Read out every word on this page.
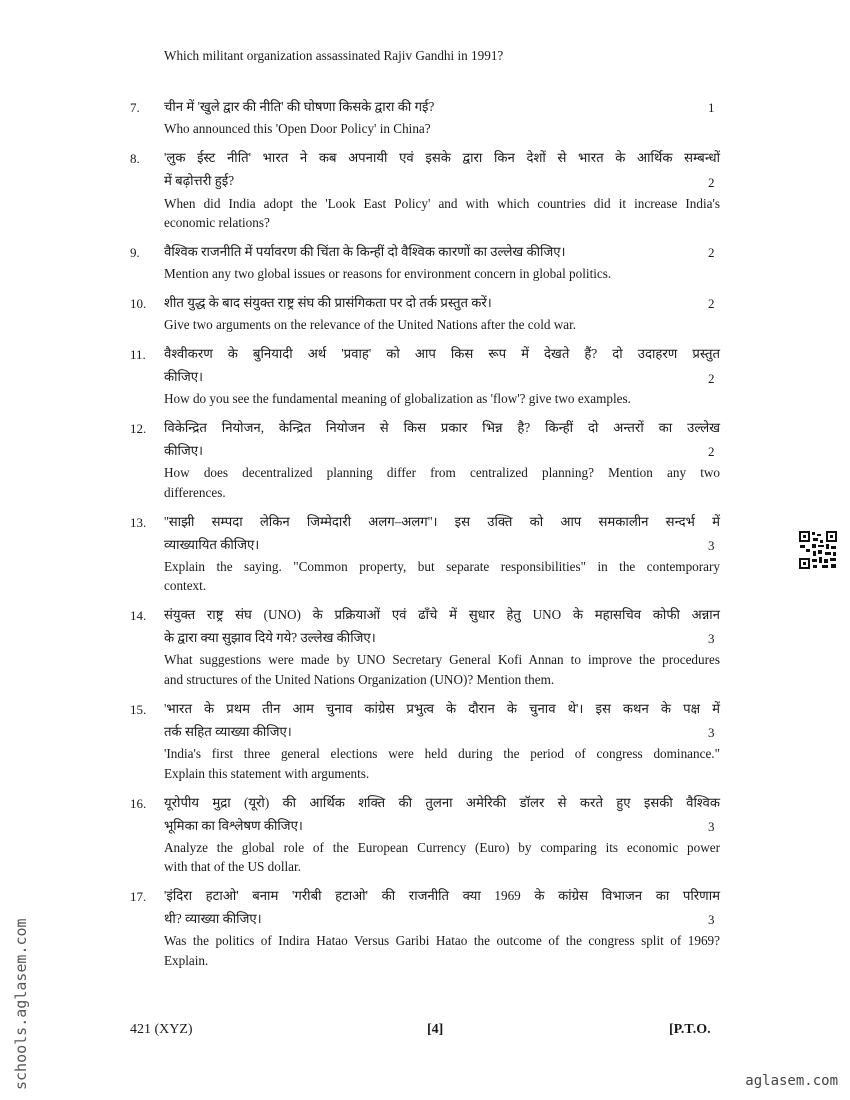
Which militant organization assassinated Rajiv Gandhi in 1991?
7. चीन में 'खुले द्वार की नीति' की घोषणा किसके द्वारा की गई?	1
Who announced this 'Open Door Policy' in China?
8. 'लुक ईस्ट नीति' भारत ने कब अपनायी एवं इसके द्वारा किन देशों से भारत के आर्थिक सम्बन्धों
में बढ़ोत्तरी हुई?	2
When did India adopt the 'Look East Policy' and with which countries did it increase India's
economic relations?
9. वैश्विक राजनीति में पर्यावरण की चिंता के किन्हीं दो वैश्विक कारणों का उल्लेख कीजिए।	2
Mention any two global issues or reasons for environment concern in global politics.
10. शीत युद्ध के बाद संयुक्त राष्ट्र संघ की प्रासंगिकता पर दो तर्क प्रस्तुत करें।	2
Give two arguments on the relevance of the United Nations after the cold war.
11. वैश्वीकरण के बुनियादी अर्थ 'प्रवाह' को आप किस रूप में देखते हैं? दो उदाहरण प्रस्तुत
कीजिए।	2
How do you see the fundamental meaning of globalization as 'flow'? give two examples.
12. विकेन्द्रित नियोजन, केन्द्रित नियोजन से किस प्रकार भिन्न है? किन्हीं दो अन्तरों का उल्लेख
कीजिए।	2
How does decentralized planning differ from centralized planning? Mention any two
differences.
13. ''साझी सम्पदा लेकिन जिम्मेदारी अलग–अलग''। इस उक्ति को आप समकालीन सन्दर्भ में
व्याख्यायित कीजिए।	3
Explain the saying. "Common property, but separate responsibilities" in the contemporary
context.
14. संयुक्त राष्ट्र संघ (UNO) के प्रक्रियाओं एवं ढाँचे में सुधार हेतु UNO के महासचिव कोफी अन्नान
के द्वारा क्या सुझाव दिये गये? उल्लेख कीजिए।	3
What suggestions were made by UNO Secretary General Kofi Annan to improve the procedures
and structures of the United Nations Organization (UNO)? Mention them.
15. 'भारत के प्रथम तीन आम चुनाव कांग्रेस प्रभुत्व के दौरान के चुनाव थे'। इस कथन के पक्ष में
तर्क सहित व्याख्या कीजिए।	3
'India's first three general elections were held during the period of congress dominance."
Explain this statement with arguments.
16. यूरोपीय मुद्रा (यूरो) की आर्थिक शक्ति की तुलना अमेरिकी डॉलर से करते हुए इसकी वैश्विक
भूमिका का विश्लेषण कीजिए।	3
Analyze the global role of the European Currency (Euro) by comparing its economic power
with that of the US dollar.
17. 'इंदिरा हटाओ' बनाम 'गरीबी हटाओ' की राजनीति क्या 1969 के कांग्रेस विभाजन का परिणाम
थी? व्याख्या कीजिए।	3
Was the politics of Indira Hatao Versus Garibi Hatao the outcome of the congress split of 1969?
Explain.
421 (XYZ)	[4]	[P.T.O.
schools.aglasem.com	aglasem.com
